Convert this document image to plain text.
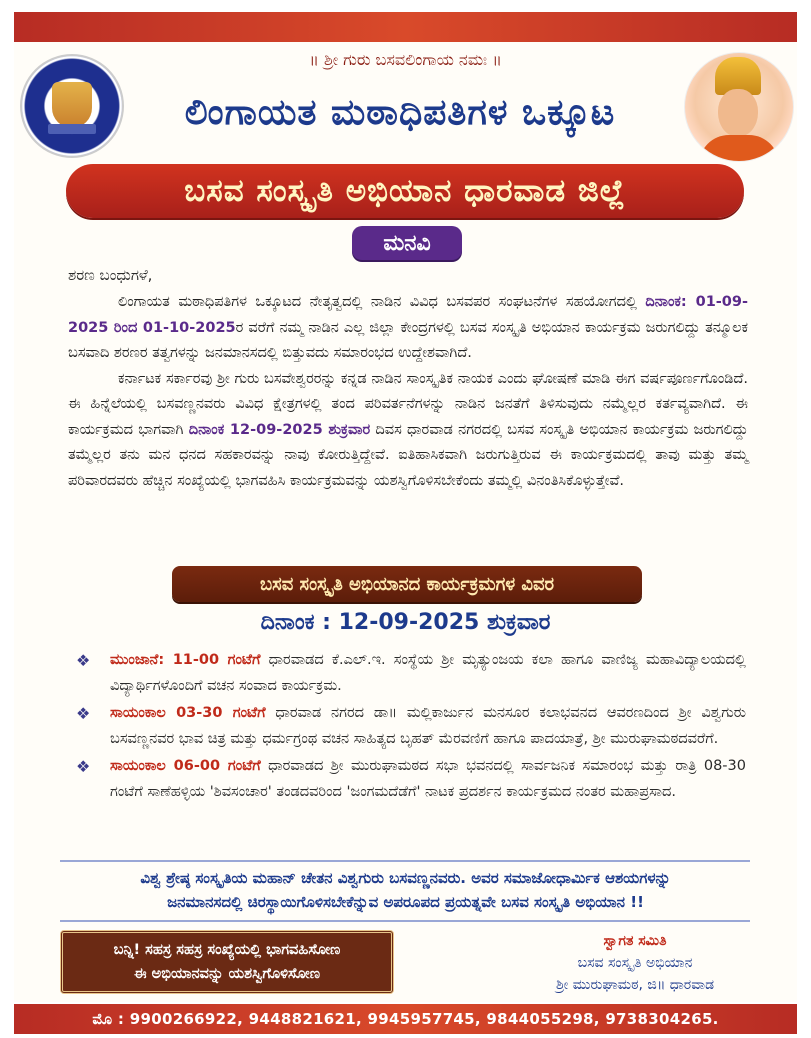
॥ ಶ್ರೀ ಗುರು ಬಸವಲಿಂಗಾಯ ನಮಃ ॥
ಲಿಂಗಾಯತ ಮಠಾಧಿಪತಿಗಳ ಒಕ್ಕೂಟ
ಬಸವ ಸಂಸ್ಕೃತಿ ಅಭಿಯಾನ ಧಾರವಾಡ ಜಿಲ್ಲೆ
ಮನವಿ
ಶರಣ ಬಂಧುಗಳೆ,

ಲಿಂಗಾಯತ ಮಠಾಧಿಪತಿಗಳ ಒಕ್ಕೂಟದ ನೇತೃತ್ವದಲ್ಲಿ ನಾಡಿನ ವಿವಿಧ ಬಸವಪರ ಸಂಘಟನೆಗಳ ಸಹಯೋಗದಲ್ಲಿ ದಿನಾಂಕ: 01-09-2025 ರಿಂದ 01-10-2025ರ ವರೆಗೆ ನಮ್ಮ ನಾಡಿನ ಎಲ್ಲ ಜಿಲ್ಲಾ ಕೇಂದ್ರಗಳಲ್ಲಿ ಬಸವ ಸಂಸ್ಕೃತಿ ಅಭಿಯಾನ ಕಾರ್ಯಕ್ರಮ ಜರುಗಲಿದ್ದು ತನ್ಮೂಲಕ ಬಸವಾದಿ ಶರಣರ ತತ್ವಗಳನ್ನು ಜನಮಾನಸದಲ್ಲಿ ಬಿತ್ತುವದು ಸಮಾರಂಭದ ಉದ್ದೇಶವಾಗಿದೆ.

ಕರ್ನಾಟಕ ಸರ್ಕಾರವು ಶ್ರೀ ಗುರು ಬಸವೇಶ್ವರರನ್ನು ಕನ್ನಡ ನಾಡಿನ ಸಾಂಸ್ಕೃತಿಕ ನಾಯಕ ಎಂದು ಘೋಷಣೆ ಮಾಡಿ ಈಗ ವರ್ಷಪೂರ್ಣಗೊಂಡಿದೆ. ಈ ಹಿನ್ನೆಲೆಯಲ್ಲಿ ಬಸವಣ್ಣನವರು ವಿವಿಧ ಕ್ಷೇತ್ರಗಳಲ್ಲಿ ತಂದ ಪರಿವರ್ತನೆಗಳನ್ನು ನಾಡಿನ ಜನತೆಗೆ ತಿಳಿಸುವುದು ನಮ್ಮೆಲ್ಲರ ಕರ್ತವ್ಯವಾಗಿದೆ. ಈ ಕಾರ್ಯಕ್ರಮದ ಭಾಗವಾಗಿ ದಿನಾಂಕ 12-09-2025 ಶುಕ್ರವಾರ ದಿವಸ ಧಾರವಾಡ ನಗರದಲ್ಲಿ ಬಸವ ಸಂಸ್ಕೃತಿ ಅಭಿಯಾನ ಕಾರ್ಯಕ್ರಮ ಜರುಗಲಿದ್ದು ತಮ್ಮೆಲ್ಲರ ತನು ಮನ ಧನದ ಸಹಕಾರವನ್ನು ನಾವು ಕೋರುತ್ತಿದ್ದೇವೆ. ಐತಿಹಾಸಿಕವಾಗಿ ಜರುಗುತ್ತಿರುವ ಈ ಕಾರ್ಯಕ್ರಮದಲ್ಲಿ ತಾವು ಮತ್ತು ತಮ್ಮ ಪರಿವಾರದವರು ಹೆಚ್ಚಿನ ಸಂಖ್ಯೆಯಲ್ಲಿ ಭಾಗವಹಿಸಿ ಕಾರ್ಯಕ್ರಮವನ್ನು ಯಶಸ್ವಿಗೊಳಿಸಬೇಕೆಂದು ತಮ್ಮಲ್ಲಿ ವಿನಂತಿಸಿಕೊಳ್ಳುತ್ತೇವೆ.

ಬಸವ ಸಂಸ್ಕೃತಿ ಅಭಿಯಾನದ ಕಾರ್ಯಕ್ರಮಗಳ ವಿವರ
ದಿನಾಂಕ : 12-09-2025 ಶುಕ್ರವಾರ
❖ ಮುಂಜಾನೆ: 11-00 ಗಂಟೆಗೆ ಧಾರವಾಡದ ಕೆ.ಎಲ್.ಇ. ಸಂಸ್ಥೆಯ ಶ್ರೀ ಮೃತ್ಯುಂಜಯ ಕಲಾ ಹಾಗೂ ವಾಣಿಜ್ಯ ಮಹಾವಿದ್ಯಾಲಯದಲ್ಲಿ ವಿದ್ಯಾರ್ಥಿಗಳೊಂದಿಗೆ ವಚನ ಸಂವಾದ ಕಾರ್ಯಕ್ರಮ.
❖ ಸಾಯಂಕಾಲ 03-30 ಗಂಟೆಗೆ ಧಾರವಾಡ ನಗರದ ಡಾ॥ ಮಲ್ಲಿಕಾರ್ಜುನ ಮನಸೂರ ಕಲಾಭವನದ ಆವರಣದಿಂದ ಶ್ರೀ ವಿಶ್ವಗುರು ಬಸವಣ್ಣನವರ ಭಾವ ಚಿತ್ರ ಮತ್ತು ಧರ್ಮಗ್ರಂಥ ವಚನ ಸಾಹಿತ್ಯದ ಬೃಹತ್ ಮೆರವಣಿಗೆ ಹಾಗೂ ಪಾದಯಾತ್ರೆ, ಶ್ರೀ ಮುರುಘಾಮಠದವರೆಗೆ.
❖ ಸಾಯಂಕಾಲ 06-00 ಗಂಟೆಗೆ ಧಾರವಾಡದ ಶ್ರೀ ಮುರುಘಾಮಠದ ಸಭಾ ಭವನದಲ್ಲಿ ಸಾರ್ವಜನಿಕ ಸಮಾರಂಭ ಮತ್ತು ರಾತ್ರಿ 08-30 ಗಂಟೆಗೆ ಸಾಣೆಹಳ್ಳಿಯ 'ಶಿವಸಂಚಾರ' ತಂಡದವರಿಂದ 'ಜಂಗಮದೆಡೆಗೆ' ನಾಟಕ ಪ್ರದರ್ಶನ ಕಾರ್ಯಕ್ರಮದ ನಂತರ ಮಹಾಪ್ರಸಾದ.
ವಿಶ್ವ ಶ್ರೇಷ್ಠ ಸಂಸ್ಕೃತಿಯ ಮಹಾನ್ ಚೇತನ ವಿಶ್ವಗುರು ಬಸವಣ್ಣನವರು. ಅವರ ಸಮಾಜೋಧಾರ್ಮಿಕ ಆಶಯಗಳನ್ನು
ಜನಮಾನಸದಲ್ಲಿ ಚಿರಸ್ಥಾಯಿಗೊಳಿಸಬೇಕೆನ್ನುವ ಅಪರೂಪದ ಪ್ರಯತ್ನವೇ ಬಸವ ಸಂಸ್ಕೃತಿ ಅಭಿಯಾನ !!
ಬನ್ನಿ! ಸಹಸ್ರ ಸಹಸ್ರ ಸಂಖ್ಯೆಯಲ್ಲಿ ಭಾಗವಹಿಸೋಣ
ಈ ಅಭಿಯಾನವನ್ನು ಯಶಸ್ವಿಗೊಳಿಸೋಣ
ಸ್ವಾಗತ ಸಮಿತಿ
ಬಸವ ಸಂಸ್ಕೃತಿ ಅಭಿಯಾನ
ಶ್ರೀ ಮುರುಘಾಮಠ, ಜಿ॥ ಧಾರವಾಡ
ಮೊ : 9900266922, 9448821621, 9945957745, 9844055298, 9738304265.
